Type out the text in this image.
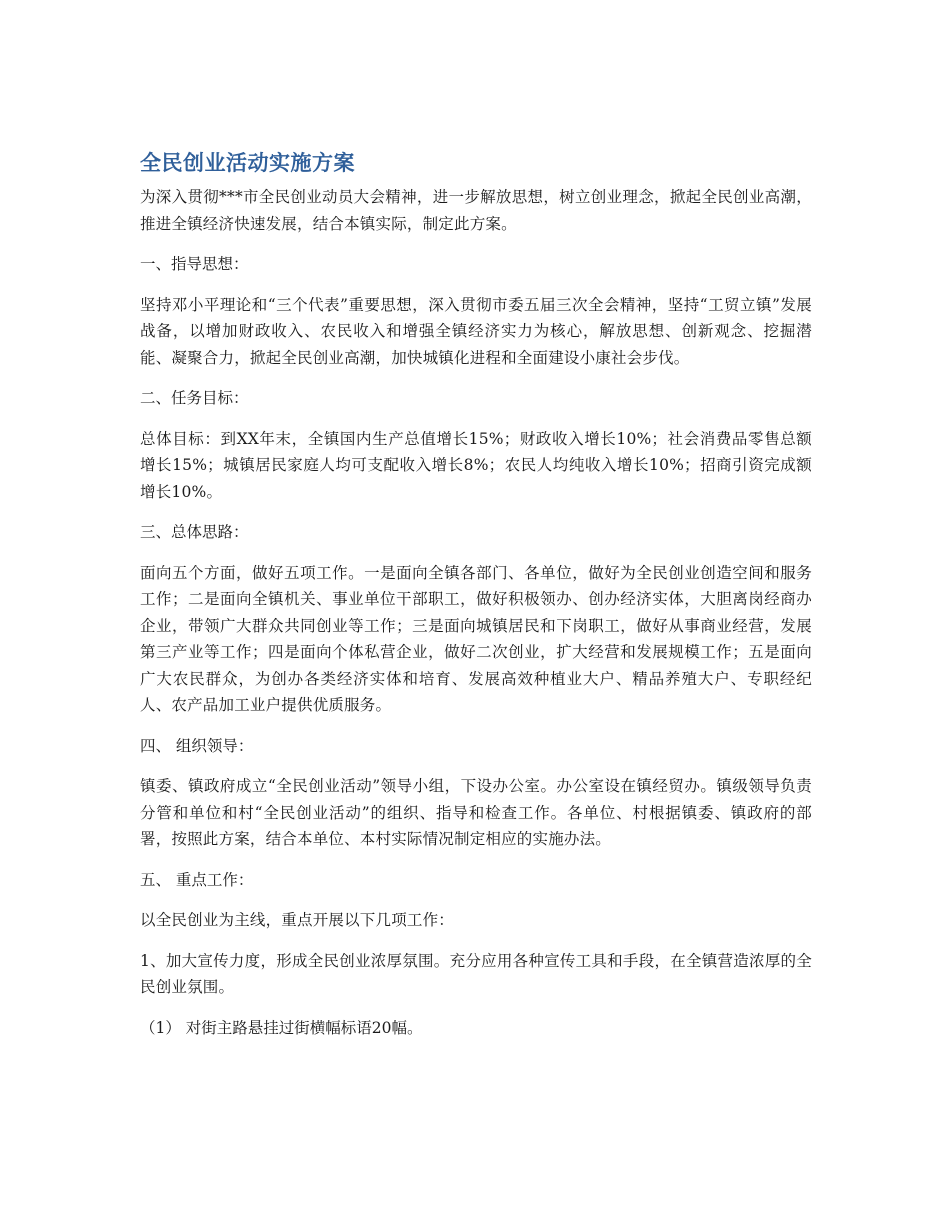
全民创业活动实施方案

为深入贯彻***市全民创业动员大会精神，进一步解放思想，树立创业理念，掀起全民创业高潮，推进全镇经济快速发展，结合本镇实际，制定此方案。

一、指导思想：

坚持邓小平理论和“三个代表”重要思想，深入贯彻市委五届三次全会精神，坚持“工贸立镇”发展战备，以增加财政收入、农民收入和增强全镇经济实力为核心，解放思想、创新观念、挖掘潜能、凝聚合力，掀起全民创业高潮，加快城镇化进程和全面建设小康社会步伐。

二、任务目标：

总体目标：到XX年末，全镇国内生产总值增长15%；财政收入增长10%；社会消费品零售总额增长15%；城镇居民家庭人均可支配收入增长8%；农民人均纯收入增长10%；招商引资完成额增长10%。

三、总体思路：

面向五个方面，做好五项工作。一是面向全镇各部门、各单位，做好为全民创业创造空间和服务工作；二是面向全镇机关、事业单位干部职工，做好积极领办、创办经济实体，大胆离岗经商办企业，带领广大群众共同创业等工作；三是面向城镇居民和下岗职工，做好从事商业经营，发展第三产业等工作；四是面向个体私营企业，做好二次创业，扩大经营和发展规模工作；五是面向广大农民群众，为创办各类经济实体和培育、发展高效种植业大户、精品养殖大户、专职经纪人、农产品加工业户提供优质服务。

四、 组织领导：

镇委、镇政府成立“全民创业活动”领导小组，下设办公室。办公室设在镇经贸办。镇级领导负责分管和单位和村“全民创业活动”的组织、指导和检查工作。各单位、村根据镇委、镇政府的部署，按照此方案，结合本单位、本村实际情况制定相应的实施办法。

五、 重点工作：

以全民创业为主线，重点开展以下几项工作：

1、加大宣传力度，形成全民创业浓厚氛围。充分应用各种宣传工具和手段，在全镇营造浓厚的全民创业氛围。

（1） 对街主路悬挂过街横幅标语20幅。
